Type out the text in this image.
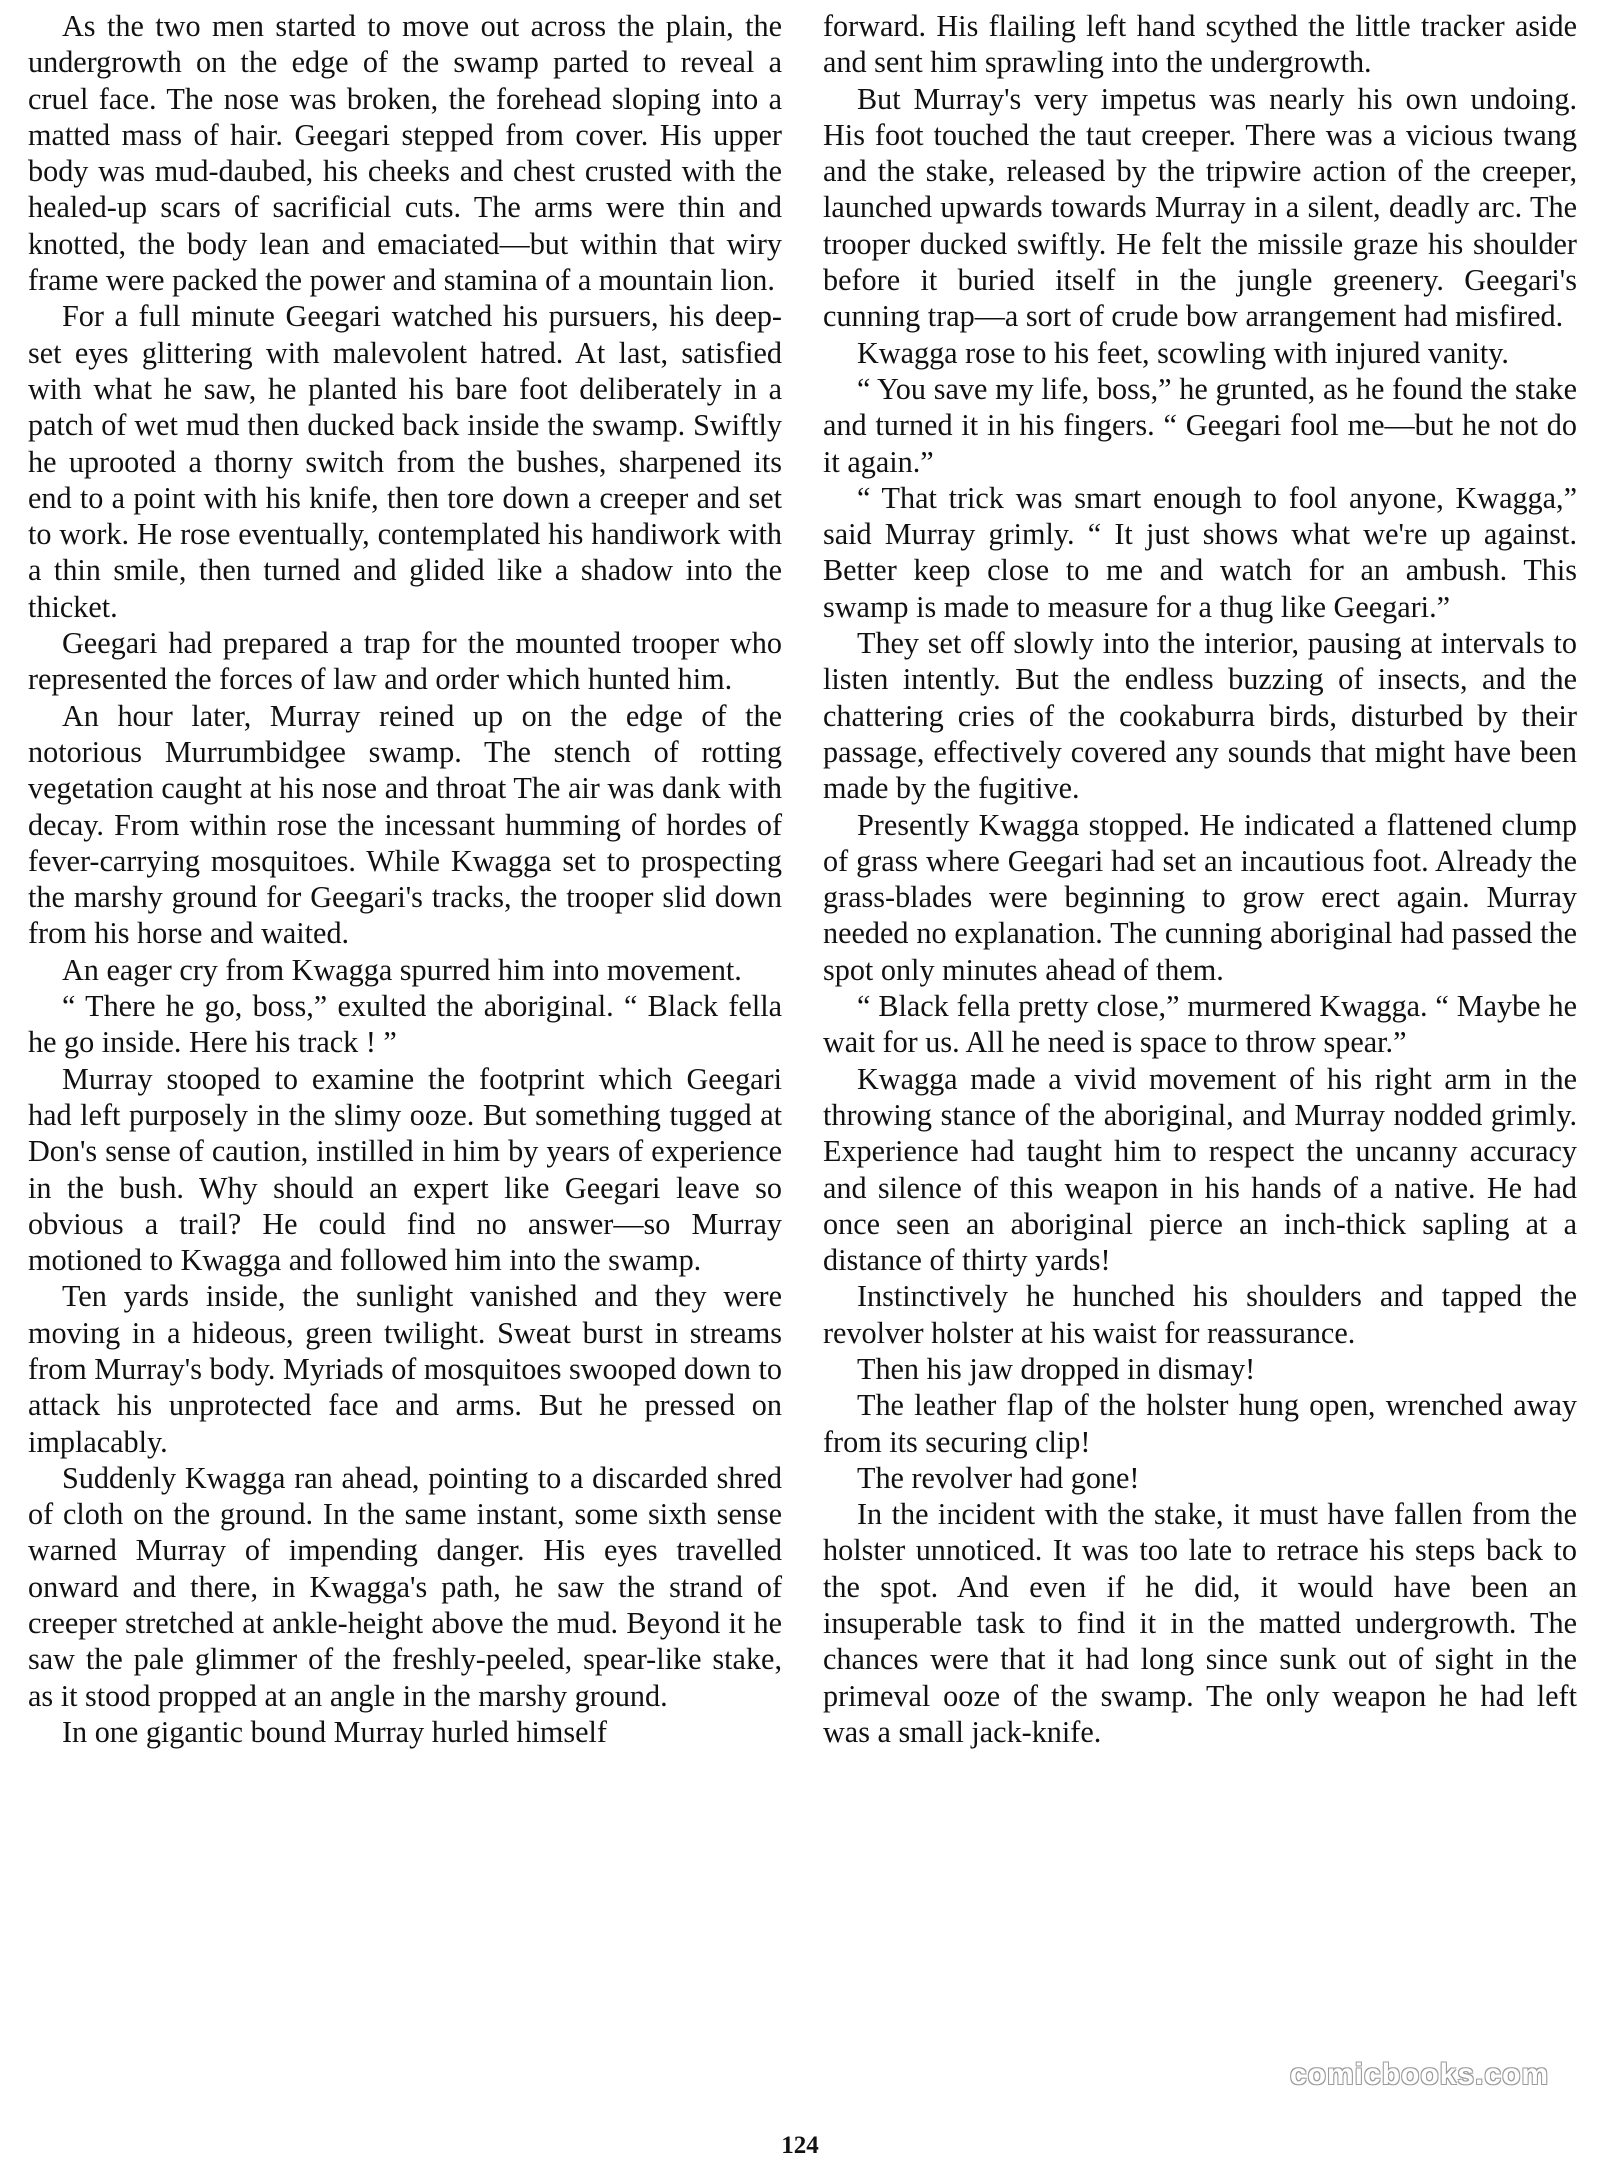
As the two men started to move out across the plain, the undergrowth on the edge of the swamp parted to reveal a cruel face. The nose was broken, the forehead sloping into a matted mass of hair. Geegari stepped from cover. His upper body was mud-daubed, his cheeks and chest crusted with the healed-up scars of sacrificial cuts. The arms were thin and knotted, the body lean and emaciated—but within that wiry frame were packed the power and stamina of a mountain lion.

For a full minute Geegari watched his pursuers, his deep-set eyes glittering with malevolent hatred. At last, satisfied with what he saw, he planted his bare foot deliberately in a patch of wet mud then ducked back inside the swamp. Swiftly he uprooted a thorny switch from the bushes, sharpened its end to a point with his knife, then tore down a creeper and set to work. He rose eventually, contemplated his handiwork with a thin smile, then turned and glided like a shadow into the thicket.

Geegari had prepared a trap for the mounted trooper who represented the forces of law and order which hunted him.

An hour later, Murray reined up on the edge of the notorious Murrumbidgee swamp. The stench of rotting vegetation caught at his nose and throat The air was dank with decay. From within rose the incessant humming of hordes of fever-carrying mosquitoes. While Kwagga set to prospecting the marshy ground for Geegari's tracks, the trooper slid down from his horse and waited.

An eager cry from Kwagga spurred him into movement.

“ There he go, boss,” exulted the aboriginal. “ Black fella he go inside. Here his track ! ”

Murray stooped to examine the footprint which Geegari had left purposely in the slimy ooze. But something tugged at Don's sense of caution, instilled in him by years of experience in the bush. Why should an expert like Geegari leave so obvious a trail? He could find no answer—so Murray motioned to Kwagga and followed him into the swamp.

Ten yards inside, the sunlight vanished and they were moving in a hideous, green twilight. Sweat burst in streams from Murray's body. Myriads of mosquitoes swooped down to attack his unprotected face and arms. But he pressed on implacably.

Suddenly Kwagga ran ahead, pointing to a discarded shred of cloth on the ground. In the same instant, some sixth sense warned Murray of impending danger. His eyes travelled onward and there, in Kwagga's path, he saw the strand of creeper stretched at ankle-height above the mud. Beyond it he saw the pale glimmer of the freshly-peeled, spear-like stake, as it stood propped at an angle in the marshy ground.

In one gigantic bound Murray hurled himself

forward. His flailing left hand scythed the little tracker aside and sent him sprawling into the undergrowth.

But Murray's very impetus was nearly his own undoing. His foot touched the taut creeper. There was a vicious twang and the stake, released by the tripwire action of the creeper, launched upwards towards Murray in a silent, deadly arc. The trooper ducked swiftly. He felt the missile graze his shoulder before it buried itself in the jungle greenery. Geegari's cunning trap—a sort of crude bow arrangement had misfired.

Kwagga rose to his feet, scowling with injured vanity.

“ You save my life, boss,” he grunted, as he found the stake and turned it in his fingers. “ Geegari fool me—but he not do it again.”

“ That trick was smart enough to fool anyone, Kwagga,” said Murray grimly. “ It just shows what we're up against. Better keep close to me and watch for an ambush. This swamp is made to measure for a thug like Geegari.”

They set off slowly into the interior, pausing at intervals to listen intently. But the endless buzzing of insects, and the chattering cries of the cookaburra birds, disturbed by their passage, effectively covered any sounds that might have been made by the fugitive.

Presently Kwagga stopped. He indicated a flattened clump of grass where Geegari had set an incautious foot. Already the grass-blades were beginning to grow erect again. Murray needed no explanation. The cunning aboriginal had passed the spot only minutes ahead of them.

“ Black fella pretty close,” murmered Kwagga. “ Maybe he wait for us. All he need is space to throw spear.”

Kwagga made a vivid movement of his right arm in the throwing stance of the aboriginal, and Murray nodded grimly. Experience had taught him to respect the uncanny accuracy and silence of this weapon in his hands of a native. He had once seen an aboriginal pierce an inch-thick sapling at a distance of thirty yards!

Instinctively he hunched his shoulders and tapped the revolver holster at his waist for reassurance.

Then his jaw dropped in dismay!

The leather flap of the holster hung open, wrenched away from its securing clip!

The revolver had gone!

In the incident with the stake, it must have fallen from the holster unnoticed. It was too late to retrace his steps back to the spot. And even if he did, it would have been an insuperable task to find it in the matted undergrowth. The chances were that it had long since sunk out of sight in the primeval ooze of the swamp. The only weapon he had left was a small jack-knife.

comicbooks.com
124
